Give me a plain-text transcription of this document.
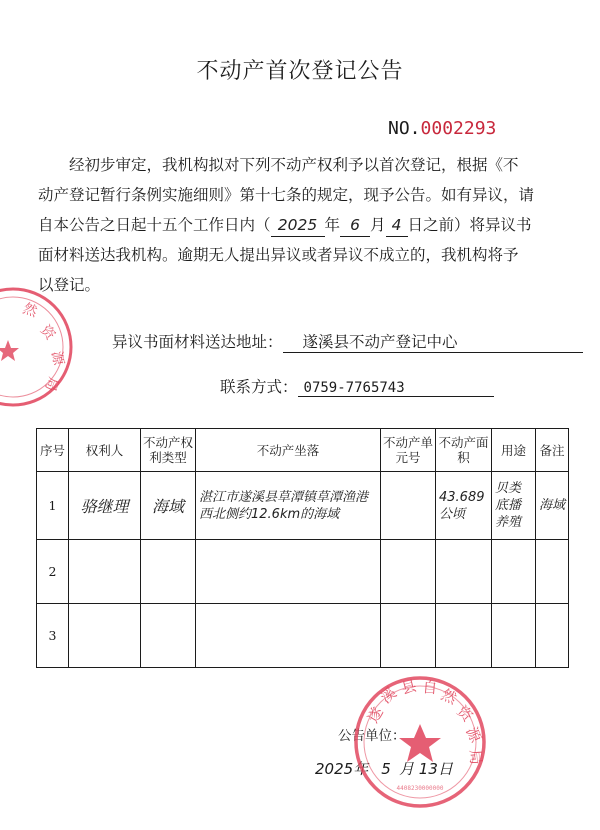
然
资
源
局
不动产首次登记公告
NO.0002293
经初步审定，我机构拟对下列不动产权利予以首次登记，根据《不
动产登记暂行条例实施细则》第十七条的规定，现予公告。如有异议，请
自本公告之日起十五个工作日内（ 2025 年 6 月 4 日之前）将异议书
面材料送达我机构。逾期无人提出异议或者异议不成立的，我机构将予
以登记。
异议书面材料送达地址： 遂溪县不动产登记中心
联系方式： 0759-7765743
序号	权利人	不动产权利类型	不动产坐落	不动产单元号	不动产面　积	用途	备注
1	骆继理	海域	湛江市遂溪县草潭镇草潭渔港西北侧约12.6km的海域		43.689公顷	贝类底播养殖	海域
2							
3							
公告单位：
2025年 5 月 13日
遂
溪 县 自 然
资
源
局
4408230000000
